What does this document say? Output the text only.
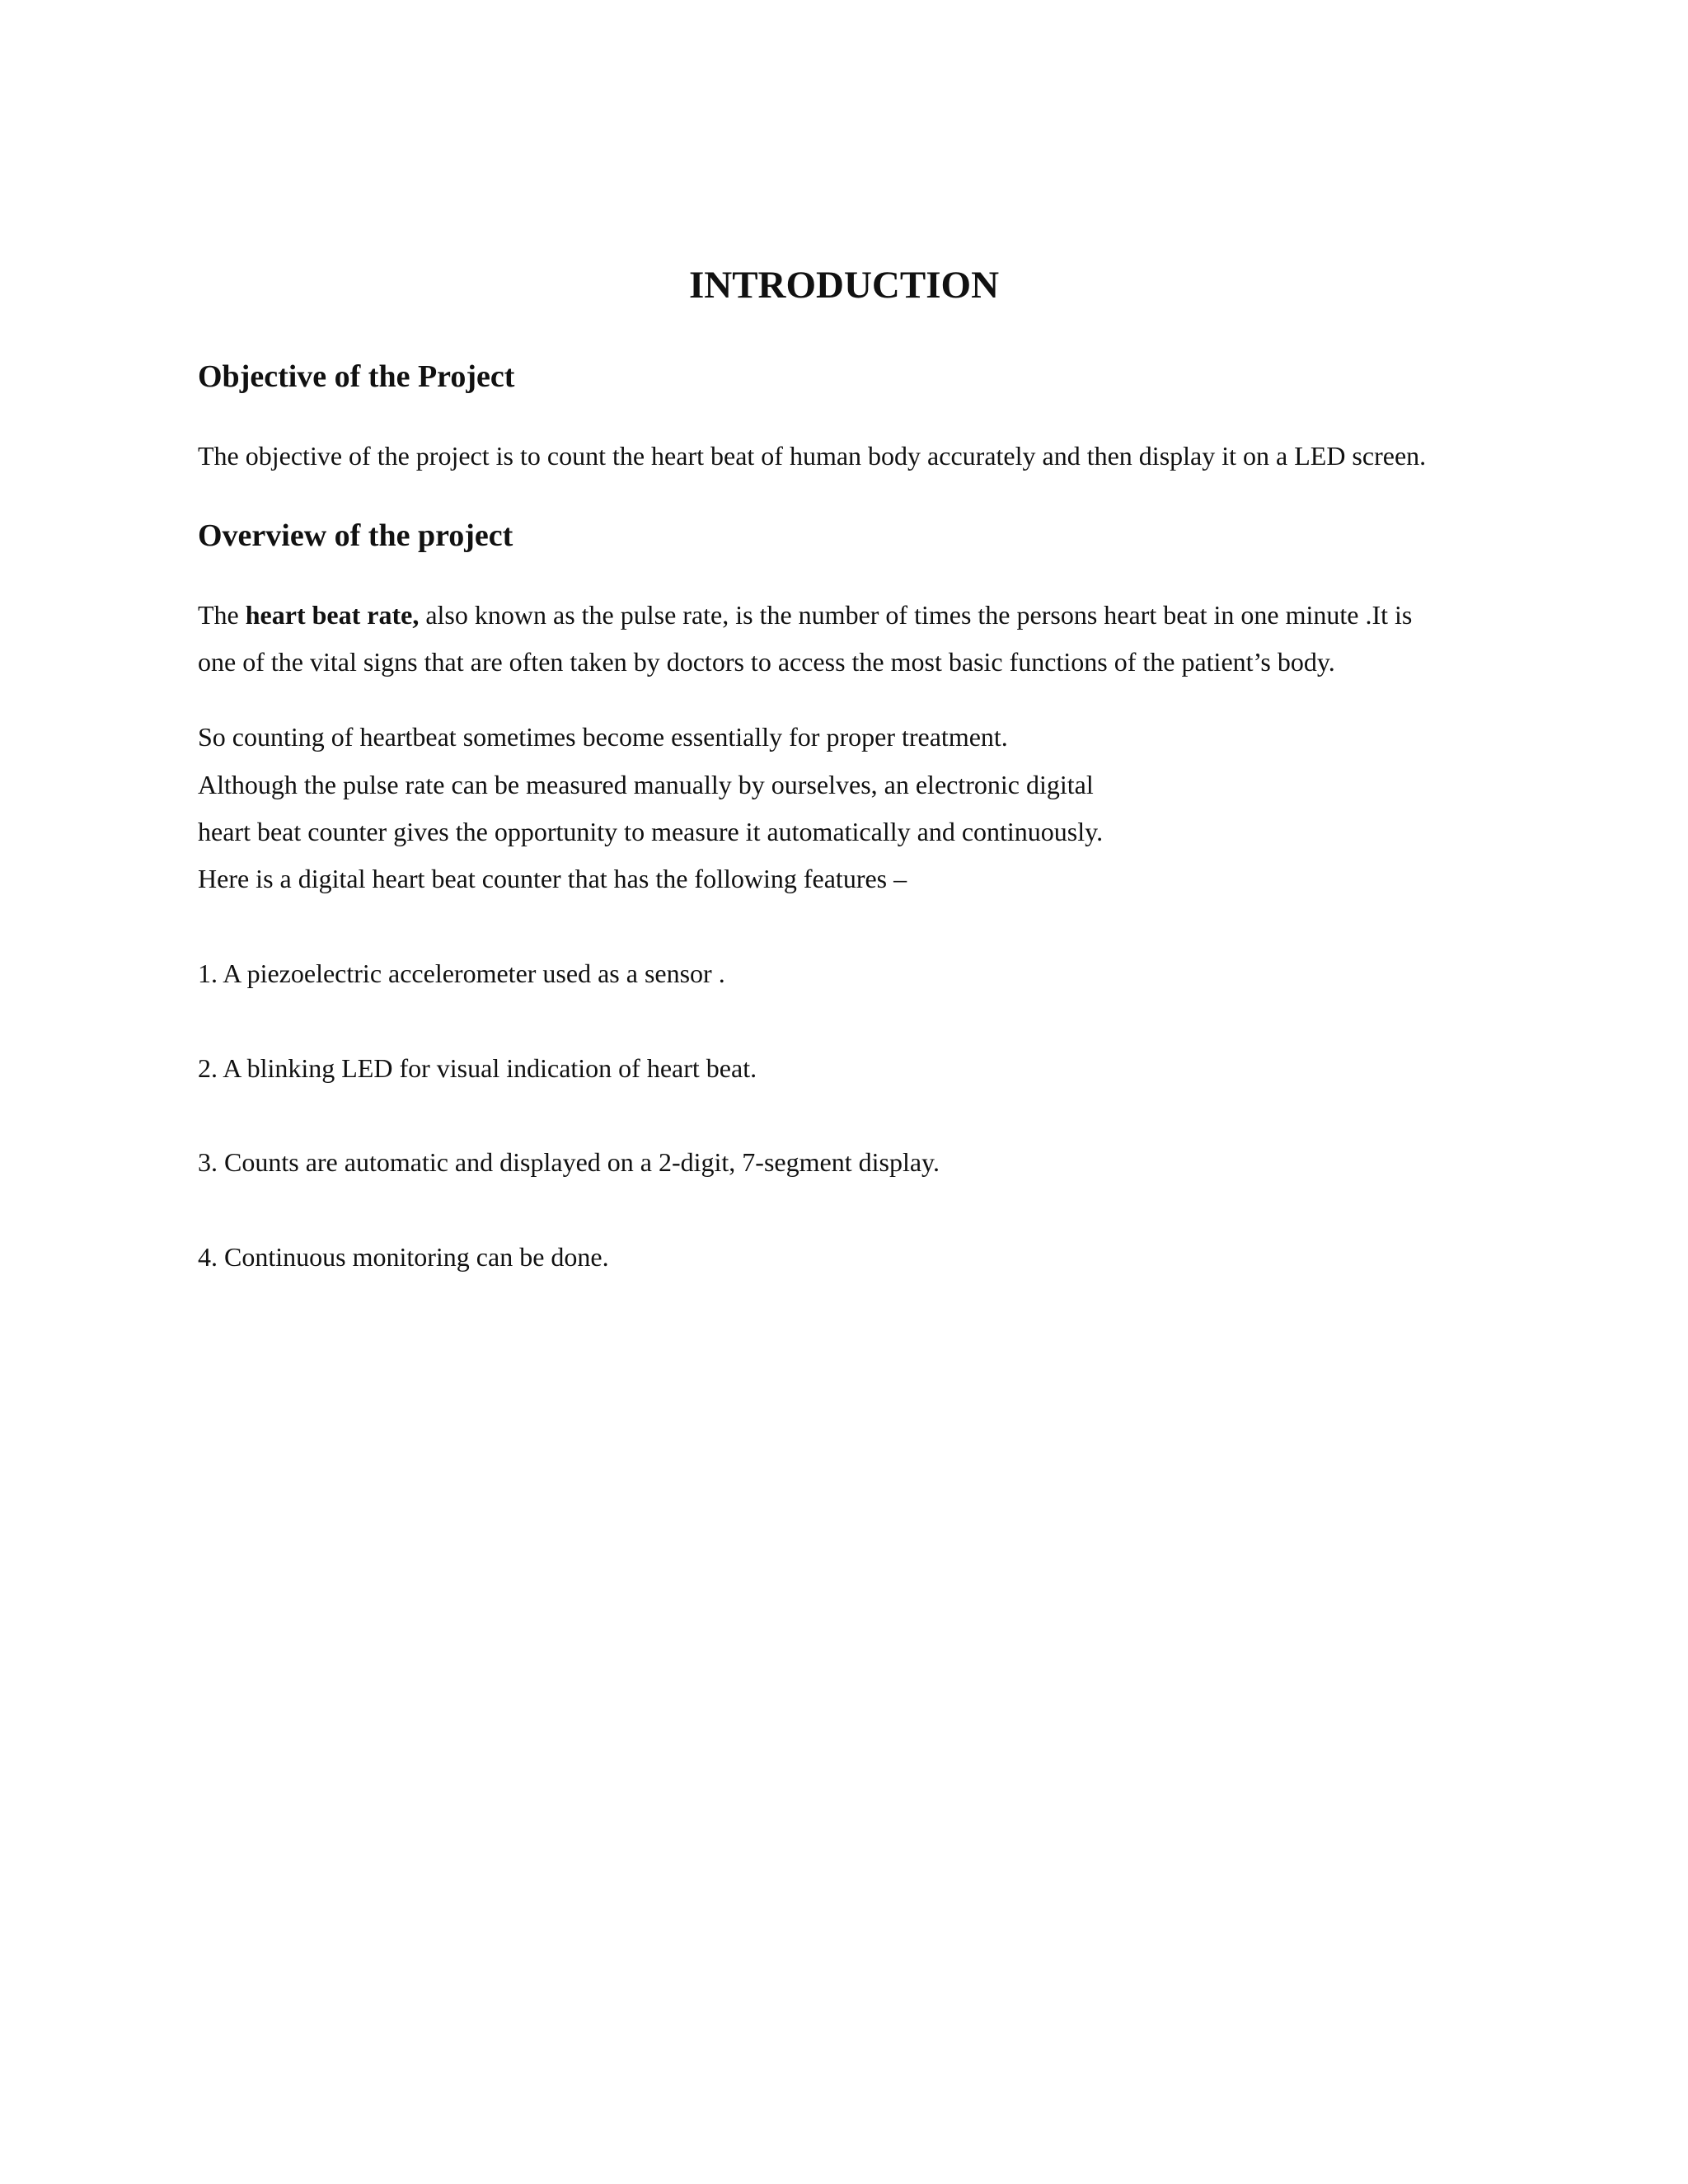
INTRODUCTION
Objective of the Project

The objective of the project is to count the heart beat of human body accurately and then display it on a LED screen.

Overview of the project

The heart beat rate, also known as the pulse rate, is the number of times the persons heart beat in one minute .It is

one of the vital signs that are often taken by doctors to access the most basic functions of the patient’s body.

So counting of heartbeat sometimes become essentially for proper treatment.

Although the pulse rate can be measured manually by ourselves, an electronic digital

heart beat counter gives the opportunity to measure it automatically and continuously.

Here is a digital heart beat counter that has the following features –

1. A piezoelectric accelerometer used as a sensor .

2. A blinking LED for visual indication of heart beat.

3. Counts are automatic and displayed on a 2-digit, 7-segment display.

4. Continuous monitoring can be done.
